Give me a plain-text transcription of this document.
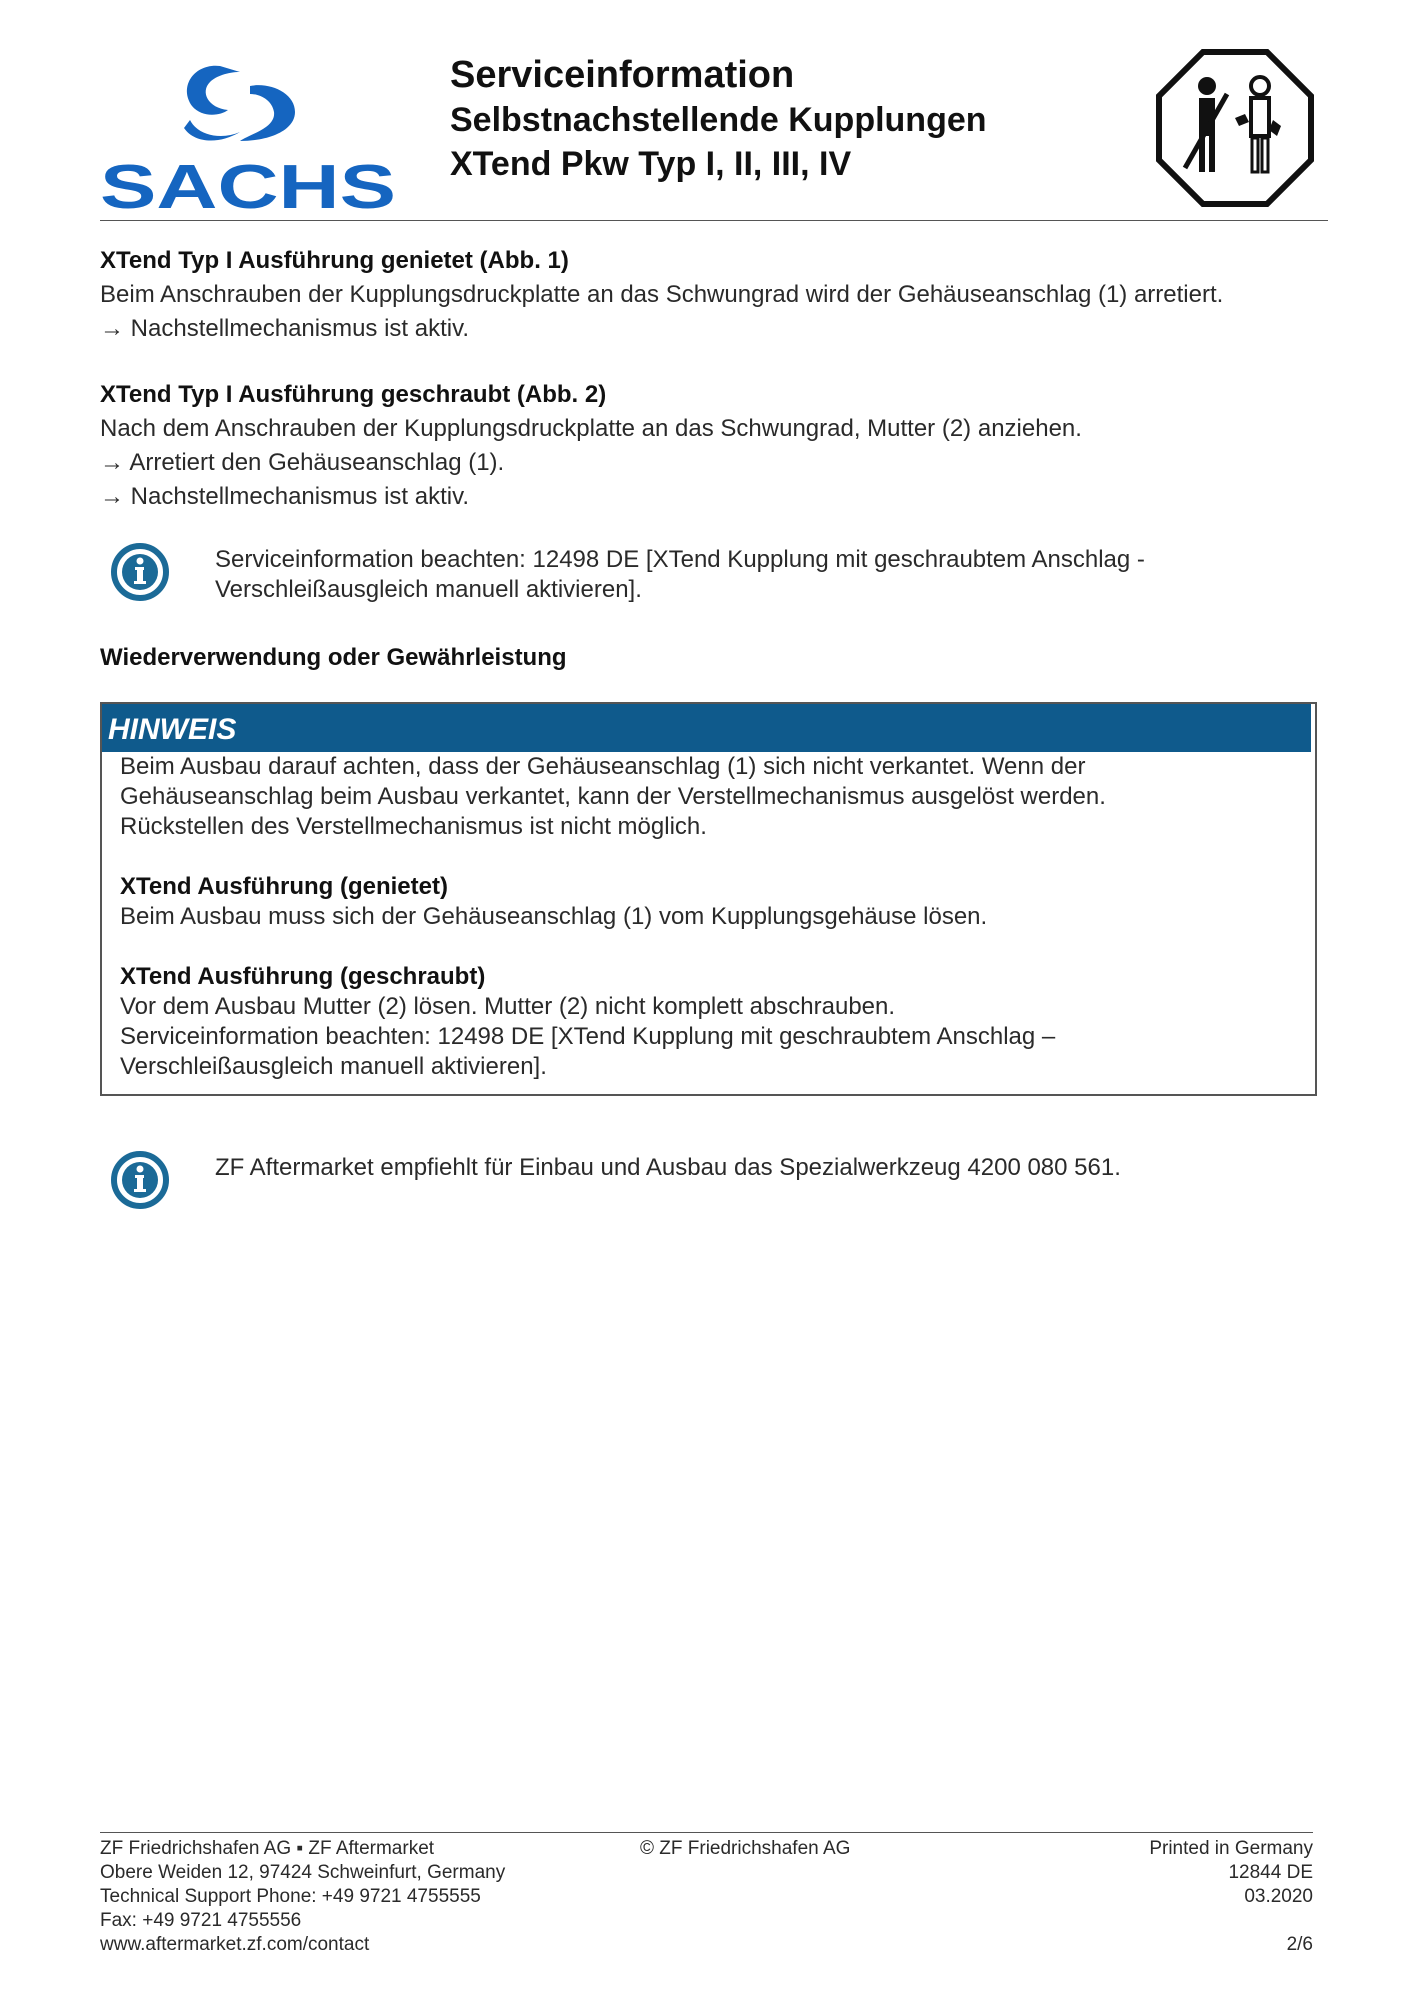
SACHS
Serviceinformation
Selbstnachstellende Kupplungen
XTend Pkw Typ I, II, III, IV
XTend Typ I Ausführung genietet (Abb. 1)
Beim Anschrauben der Kupplungsdruckplatte an das Schwungrad wird der Gehäuseanschlag (1) arretiert.
→ Nachstellmechanismus ist aktiv.
XTend Typ I Ausführung geschraubt (Abb. 2)
Nach dem Anschrauben der Kupplungsdruckplatte an das Schwungrad, Mutter (2) anziehen.
→ Arretiert den Gehäuseanschlag (1).
→ Nachstellmechanismus ist aktiv.
Serviceinformation beachten: 12498 DE [XTend Kupplung mit geschraubtem Anschlag - Verschleißausgleich manuell aktivieren].
Wiederverwendung oder Gewährleistung
HINWEIS
Beim Ausbau darauf achten, dass der Gehäuseanschlag (1) sich nicht verkantet. Wenn der
Gehäuseanschlag beim Ausbau verkantet, kann der Verstellmechanismus ausgelöst werden.
Rückstellen des Verstellmechanismus ist nicht möglich.
XTend Ausführung (genietet)
Beim Ausbau muss sich der Gehäuseanschlag (1) vom Kupplungsgehäuse lösen.
XTend Ausführung (geschraubt)
Vor dem Ausbau Mutter (2) lösen. Mutter (2) nicht komplett abschrauben.
Serviceinformation beachten: 12498 DE [XTend Kupplung mit geschraubtem Anschlag –
Verschleißausgleich manuell aktivieren].
ZF Aftermarket empfiehlt für Einbau und Ausbau das Spezialwerkzeug 4200 080 561.
ZF Friedrichshafen AG ▪ ZF Aftermarket
Obere Weiden 12, 97424 Schweinfurt, Germany
Technical Support Phone: +49 9721 4755555
Fax: +49 9721 4755556
www.aftermarket.zf.com/contact
© ZF Friedrichshafen AG	Printed in Germany
12844 DE
03.2020

2/6
